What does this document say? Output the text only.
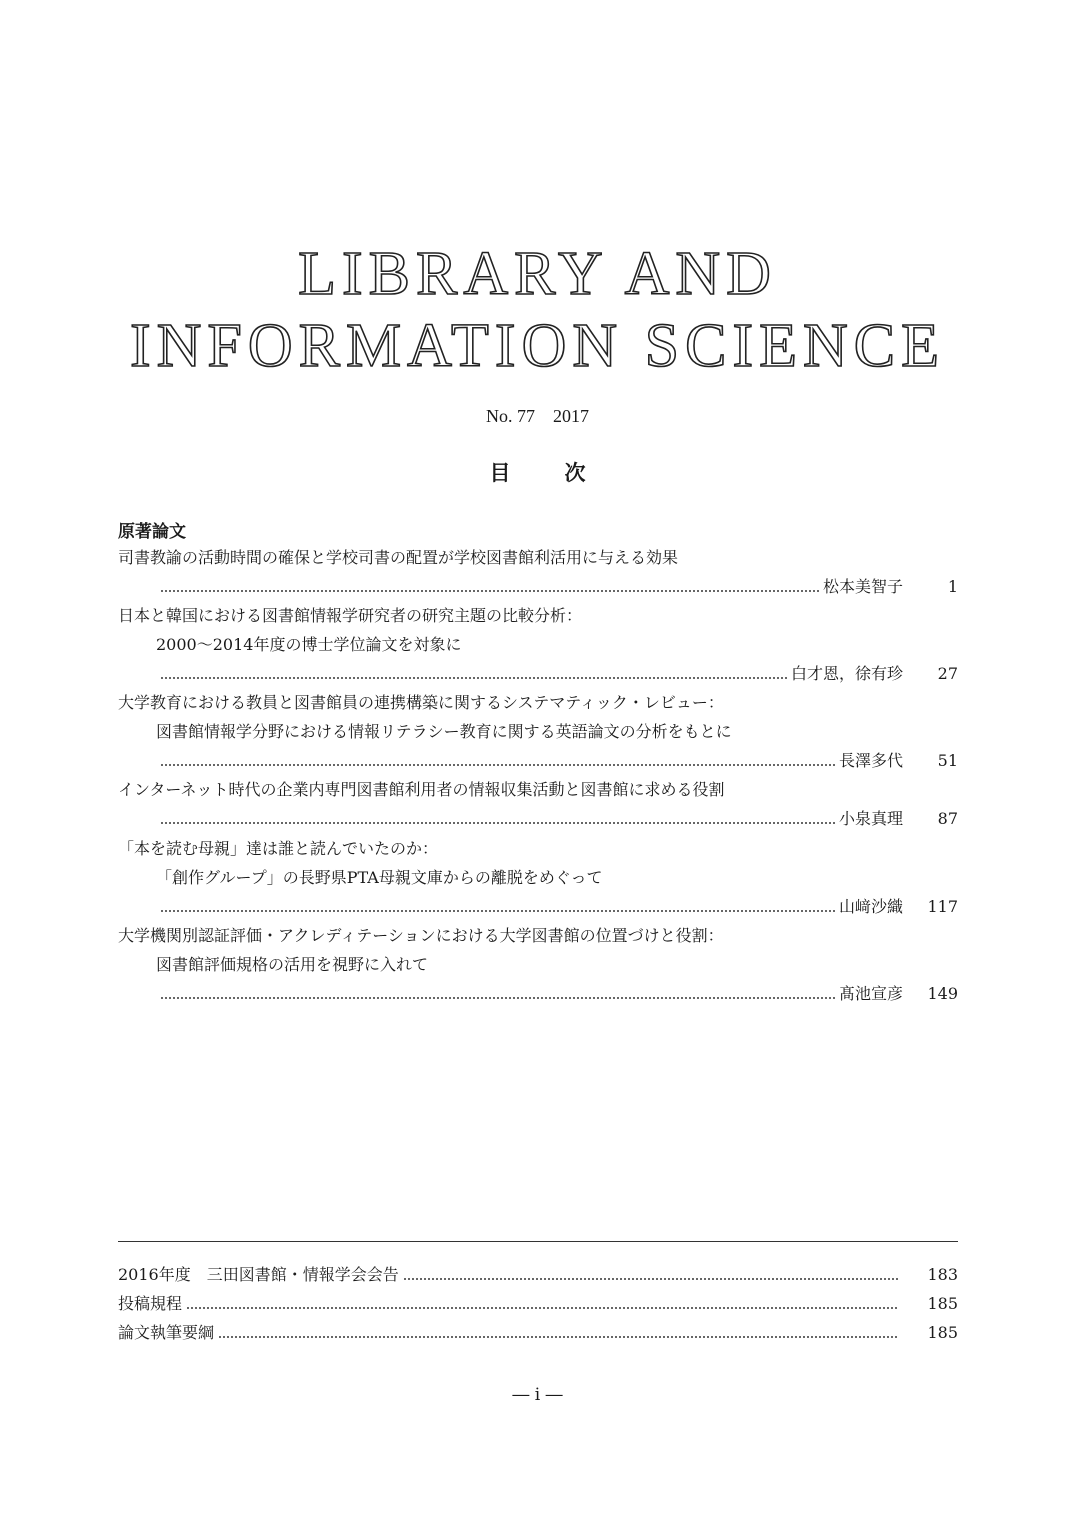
LIBRARY AND
INFORMATION SCIENCE
No. 77　2017
目次
原著論文
司書教諭の活動時間の確保と学校司書の配置が学校図書館利活用に与える効果
松本美智子	1
日本と韓国における図書館情報学研究者の研究主題の比較分析：
2000～2014年度の博士学位論文を対象に
白才恩，徐有珍	27
大学教育における教員と図書館員の連携構築に関するシステマティック・レビュー：
図書館情報学分野における情報リテラシー教育に関する英語論文の分析をもとに
長澤多代	51
インターネット時代の企業内専門図書館利用者の情報収集活動と図書館に求める役割
小泉真理	87
「本を読む母親」達は誰と読んでいたのか：
「創作グループ」の長野県PTA母親文庫からの離脱をめぐって
山﨑沙織	117
大学機関別認証評価・アクレディテーションにおける大学図書館の位置づけと役割：
図書館評価規格の活用を視野に入れて
髙池宣彦	149
2016年度　三田図書館・情報学会会告	183
投稿規程	185
論文執筆要綱	185
― i ―
